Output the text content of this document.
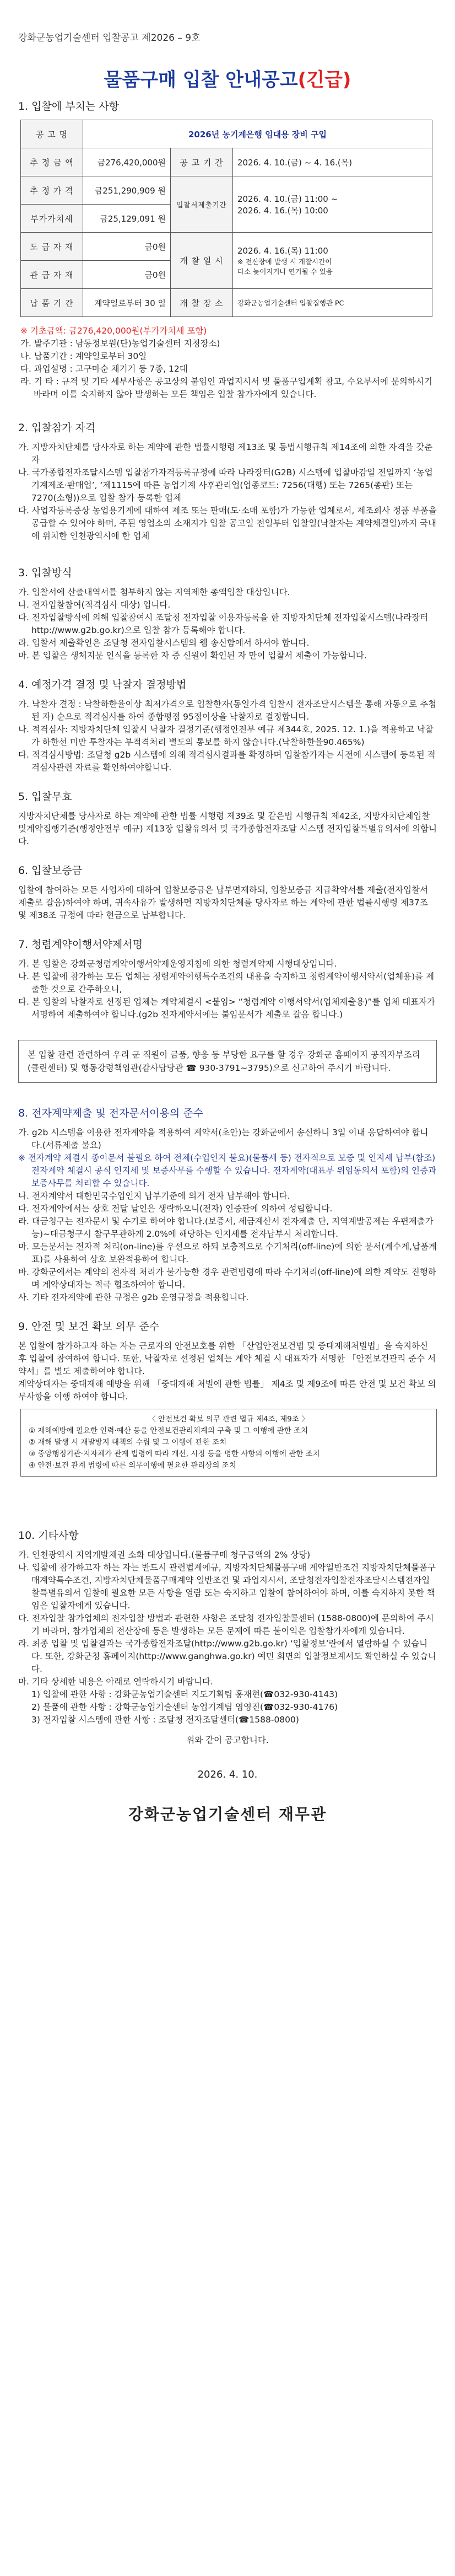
강화군농업기술센터 입찰공고 제2026 – 9호
물품구매 입찰 안내공고(긴급)
1. 입찰에 부치는 사항
공 고 명	2026년 농기계은행 임대용 장비 구입		
추 정 금 액	금276,420,000원	공 고 기 간	2026. 4. 10.(금) ~ 4. 16.(목)
추 정 가 격	금251,290,909 원	입찰서제출기간	2026. 4. 10.(금) 11:00 ~
2026. 4. 16.(목) 10:00

부가가치세	금25,129,091 원		
도 급 자 재	금0원	개 찰 일 시	2026. 4. 16.(목) 11:00
※ 전산장애 발생 시 개찰시간이
다소 늦어지거나 연기될 수 있음

관 급 자 재	금0원		
납 품 기 간	계약일로부터 30 일	개 찰 장 소	강화군농업기술센터 입찰집행관 PC

※ 기초금액: 금276,420,000원(부가가치세 포함)

가. 발주기관 : 남동정보원(단)농업기술센터 지청장소)

나. 납품기간 : 계약일로부터 30일

다. 과업설명 : 고구마순 채기기 등 7종, 12대

라. 기 타 : 규격 및 기타 세부사항은 공고상의 붙임인 과업지시서 및 물품구입계획 참고, 수요부서에 문의하시기 바라며 이를 숙지하지 않아 발생하는 모든 책임은 입찰 참가자에게 있습니다.

2. 입찰참가 자격

가. 지방자치단체를 당사자로 하는 계약에 관한 법률시행령 제13조 및 동법시행규칙 제14조에 의한 자격을 갖춘 자

나. 국가종합전자조달시스템 입찰참가자격등록규정에 따라 나라장터(G2B) 시스템에 입찰마감일 전일까지 ‘농업기계제조·판매업’, ‘제1115에 따른 농업기계 사후관리업(업종코드: 7256(대행) 또는 7265(총판) 또는 7270(소형))으로 입찰 참가 등록한 업체

다. 사업자등록증상 농업용기계에 대하여 제조 또는 판매(도·소매 포함)가 가능한 업체로서, 제조회사 정품 부품을 공급할 수 있어야 하며, 주된 영업소의 소재지가 입찰 공고일 전일부터 입찰일(낙찰자는 계약체결일)까지 국내에 위치한 인천광역시에 한 업체

3. 입찰방식

가. 입찰서에 산출내역서를 첨부하지 않는 지역제한 총액입찰 대상입니다.

나. 전자입찰참여(적격심사 대상) 입니다.

다. 전자입찰방식에 의해 입찰참여시 조달청 전자입찰 이용자등록을 한 지방자치단체 전자입찰시스템(나라장터 http://www.g2b.go.kr)으로 입찰 참가 등록해야 합니다.

라. 입찰서 제출확인은 조달청 전자입찰시스템의 웹 송신함에서 하셔야 합니다.

마. 본 입찰은 생체지문 인식을 등록한 자 중 신원이 확인된 자 만이 입찰서 제출이 가능합니다.

4. 예정가격 결정 및 낙찰자 결정방법

가. 낙찰자 결정 : 낙찰하한율이상 최저가격으로 입찰한자(동일가격 입찰시 전자조달시스템을 통해 자동으로 추첨된 자) 순으로 적격심사를 하여 종합평점 95점이상을 낙찰자로 결정합니다.

나. 적격심사: 지방자치단체 입찰시 낙찰자 결정기준(행정안전부 예규 제344호, 2025. 12. 1.)을 적용하고 낙찰가 하한선 미만 투찰자는 부적격처리 별도의 통보를 하지 않습니다.(낙찰하한율90.465%)

다. 적격심사방법: 조달청 g2b 시스템에 의해 적격심사결과를 확정하며 입찰참가자는 사전에 시스템에 등록된 적격심사관련 자료를 확인하여야합니다.

5. 입찰무효

지방자치단체를 당사자로 하는 계약에 관한 법률 시행령 제39조 및 같은법 시행규칙 제42조, 지방자치단체입찰및계약집행기준(행정안전부 예규) 제13장 입찰유의서 및 국가종합전자조달 시스템 전자입찰특별유의서에 의합니다.

6. 입찰보증금

입찰에 참여하는 모든 사업자에 대하여 입찰보증금은 납부면제하되, 입찰보증금 지급확약서를 제출(전자입찰서 제출로 갈음)하여야 하며, 귀속사유가 발생하면 지방자치단체를 당사자로 하는 계약에 관한 법률시행령 제37조 및 제38조 규정에 따라 현금으로 납부합니다.

7. 청렴계약이행서약제서명

가. 본 입찰은 강화군청렴계약이행서약제운영지침에 의한 청렴계약제 시행대상입니다.

나. 본 입찰에 참가하는 모든 업체는 청렴계약이행특수조건의 내용을 숙지하고 청렴계약이행서약서(업체용)를 제출한 것으로 간주하오니,

다. 본 입찰의 낙찰자로 선정된 업체는 계약체결시 <붙임> “청렴계약 이행서약서(업체제출용)”를 업체 대표자가 서명하여 제출하여야 합니다.(g2b 전자계약서에는 불임문서가 제출로 갈음 합니다.)

본 입찰 관련 관련하여 우리 군 직원이 금품, 향응 등 부당한 요구를 할 경우 강화군 홈페이지 공직자부조리(클린센터) 및 행동강령책임관(감사담당관 ☎ 930-3791~3795)으로 신고하여 주시기 바랍니다.
8. 전자계약제출 및 전자문서이용의 준수

가. g2b 시스템을 이용한 전자계약을 적용하여 계약서(초안)는 강화군에서 송신하니 3일 이내 응답하여야 합니다.(서류제출 불요)

※ 전자계약 체결시 종이문서 불필요 하여 전체(수입인지 불요)(물품세 등) 전자적으로 보증 및 인지세 납부(참조) 전자계약 체결시 공식 인지세 및 보증사무를 수행할 수 있습니다. 전자계약(대표부 위임동의서 포함)의 인증과 보증사무를 처리할 수 있습니다.

나. 전자계약서 대한민국수입인지 납부기준에 의거 전자 납부해야 합니다.

다. 전자계약에서는 상호 전달 날인은 생략하오니(전자) 인증관에 의하여 성립합니다.

라. 대금청구는 전자문서 및 수기로 하여야 합니다.(보증서, 세금계산서 전자제출 단, 지역계발공제는 우편제출가능)~대금청구시 참구무관하게 2.0%에 해당하는 인지세를 전자납부시 처리합니다.

마. 모든문서는 전자적 처리(on-line)를 우선으로 하되 보충적으로 수기처리(off-line)에 의한 문서(계수계,납품계표)를 사용하여 상호 보완적용하여 합니다.

바. 강화군에서는 계약의 전자적 처리가 불가능한 경우 관련법령에 따라 수기처리(off-line)에 의한 계약도 진행하며 계약상대자는 적극 협조하여야 합니다.

사. 기타 전자계약에 관한 규정은 g2b 운영규정을 적용합니다.

9. 안전 및 보건 확보 의무 준수

본 입찰에 참가하고자 하는 자는 근로자의 안전보호를 위한 「산업안전보건법 및 중대재해처벌법」을 숙지하신 후 입찰에 참여하여 합니다. 또한, 낙찰자로 선정된 업체는 계약 체결 시 대표자가 서명한 「안전보건관리 준수 서약서」를 별도 제출하여야 합니다.

계약상대자는 중대재해 예방을 위해 「중대재해 처벌에 관한 법률」 제4조 및 제9조에 따른 안전 및 보건 확보 의무사항을 이행 하여야 합니다.

〈 안전보건 확보 의무 관련 법규 제4조, 제9조 〉
① 재해예방에 필요한 인력·예산 등을 안전보건관리체계의 구축 및 그 이행에 관한 조치
② 재해 발생 시 재발방지 대책의 수립 및 그 이행에 관한 조치
③ 중앙행정기관·지자체가 관계 법령에 따라 개선, 시정 등을 명한 사항의 이행에 관한 조치
④ 안전·보건 관계 법령에 따른 의무이행에 필요한 관리상의 조치
10. 기타사항

가. 인천광역시 지역개발채권 소화 대상입니다.(물품구매 청구금액의 2% 상당)

나. 입찰에 참가하고자 하는 자는 반드시 관련법계에규, 지방자치단체물품구매 계약일반조건 지방자치단체물품구매계약특수조건, 지방자치단체물품구매계약 일반조건 및 과업지시서, 조달청전자입찰전자조달시스템전자입찰특별유의서 입찰에 필요한 모든 사항을 열람 또는 숙지하고 입찰에 참여하여야 하며, 이를 숙지하지 못한 책임은 입찰자에게 있습니다.

다. 전자입찰 참가업체의 전자입찰 방법과 관련한 사항은 조달청 전자입찰콜센터 (1588-0800)에 문의하여 주시기 바라며, 참가업체의 전산장애 등은 발생하는 모든 문제에 따른 불이익은 입찰참가자에게 있습니다.

라. 최종 입찰 및 입찰결과는 국가종합전자조달(http://www.g2b.go.kr) ‘입찰정보’란에서 열람하실 수 있습니다. 또한, 강화군청 홈페이지(http://www.ganghwa.go.kr) 예민 회면의 입찰정보계서도 확인하실 수 있습니다.

마. 기타 상세한 내용은 아래로 연락하시기 바랍니다.

1) 입찰에 관한 사항 : 강화군농업기술센터 지도기획팀 홍재현(☎032-930-4143)

2) 물품에 관한 사항 : 강화군농업기술센터 농업기계팀 염영진(☎032-930-4176)

3) 전자입찰 시스템에 관한 사항 : 조달청 전자조달센터(☎1588-0800)

위와 같이 공고합니다.

2026. 4. 10.
강화군농업기술센터 재무관
